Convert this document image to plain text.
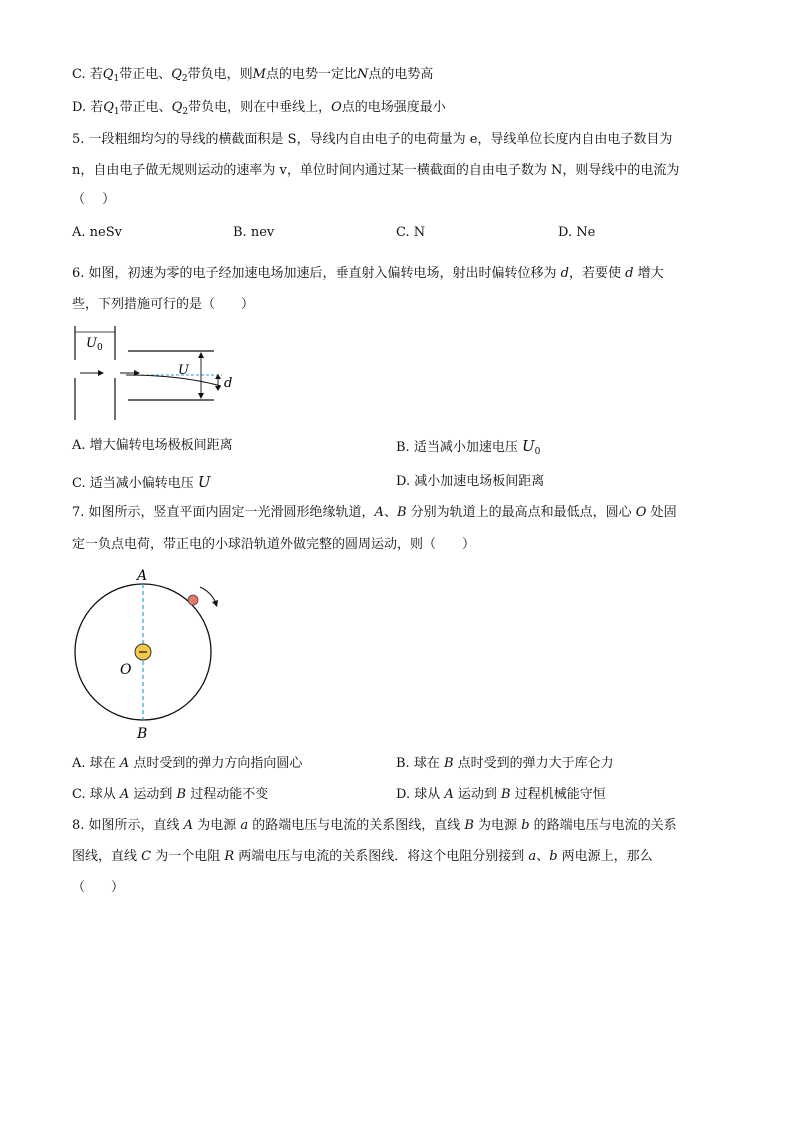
C. 若$Q_1$带正电、$Q_2$带负电，则M点的电势一定比N点的电势高
D. 若$Q_1$带正电、$Q_2$带负电，则在中垂线上，O点的电场强度最小
5. 一段粗细均匀的导线的横截面积是 S，导线内自由电子的电荷量为 e，导线单位长度内自由电子数目为
n，自由电子做无规则运动的速率为 v，单位时间内通过某一横截面的自由电子数为 N，则导线中的电流为
（　 ）
A. neSv	B. nev	C. N	D. Ne
6. 如图，初速为零的电子经加速电场加速后，垂直射入偏转电场，射出时偏转位移为 d，若要使 d 增大
些，下列措施可行的是（　　）
$U_0$
U
d
A. 增大偏转电场极板间距离	B. 适当减小加速电压 $U_0$
C. 适当减小偏转电压 U	D. 减小加速电场板间距离
7. 如图所示，竖直平面内固定一光滑圆形绝缘轨道，A、B 分别为轨道上的最高点和最低点，圆心 O 处固
定一负点电荷，带正电的小球沿轨道外做完整的圆周运动，则（　　）
A
O
B
A. 球在 A 点时受到的弹力方向指向圆心	B. 球在 B 点时受到的弹力大于库仑力
C. 球从 A 运动到 B 过程动能不变	D. 球从 A 运动到 B 过程机械能守恒
8. 如图所示，直线 A 为电源 a 的路端电压与电流的关系图线，直线 B 为电源 b 的路端电压与电流的关系
图线，直线 C 为一个电阻 R 两端电压与电流的关系图线．将这个电阻分别接到 a、b 两电源上，那么
（　　）
